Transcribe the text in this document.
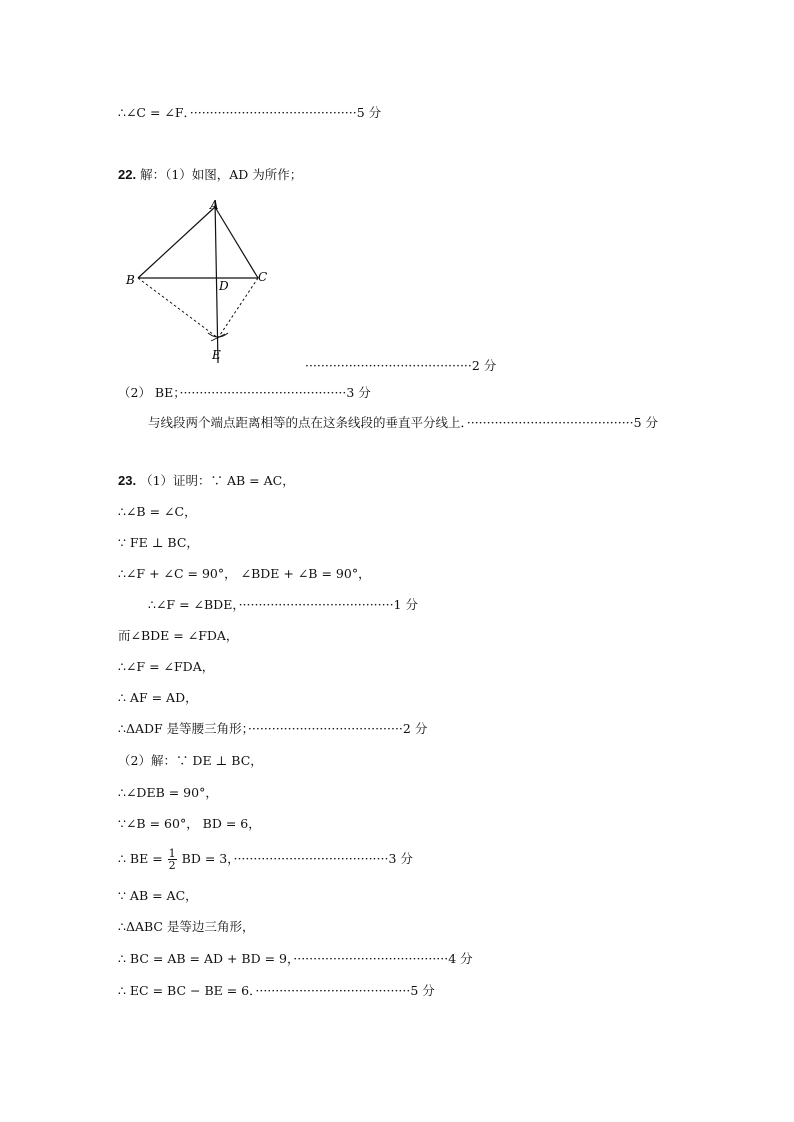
∴∠C = ∠F．··········································5 分
22. 解：（1）如图，AD 为所作；
A
B	C
D
E
··········································2 分
（2） BE；··········································3 分
与线段两个端点距离相等的点在这条线段的垂直平分线上．··········································5 分
23. （1）证明：∵ AB = AC，
∴∠B = ∠C，
∵ FE ⊥ BC，
∴∠F + ∠C = 90°， ∠BDE + ∠B = 90°，
∴∠F = ∠BDE，·······································1 分
而∠BDE = ∠FDA，
∴∠F = ∠FDA，
∴ AF = AD，
∴ΔADF 是等腰三角形；·······································2 分
（2）解：∵ DE ⊥ BC，
∴∠DEB = 90°，
∵∠B = 60°， BD = 6，
∴ BE = $\frac{1}{2}$ BD = 3，·······································3 分
∵ AB = AC，
∴ΔABC 是等边三角形，
∴ BC = AB = AD + BD = 9，·······································4 分
∴ EC = BC − BE = 6．·······································5 分
